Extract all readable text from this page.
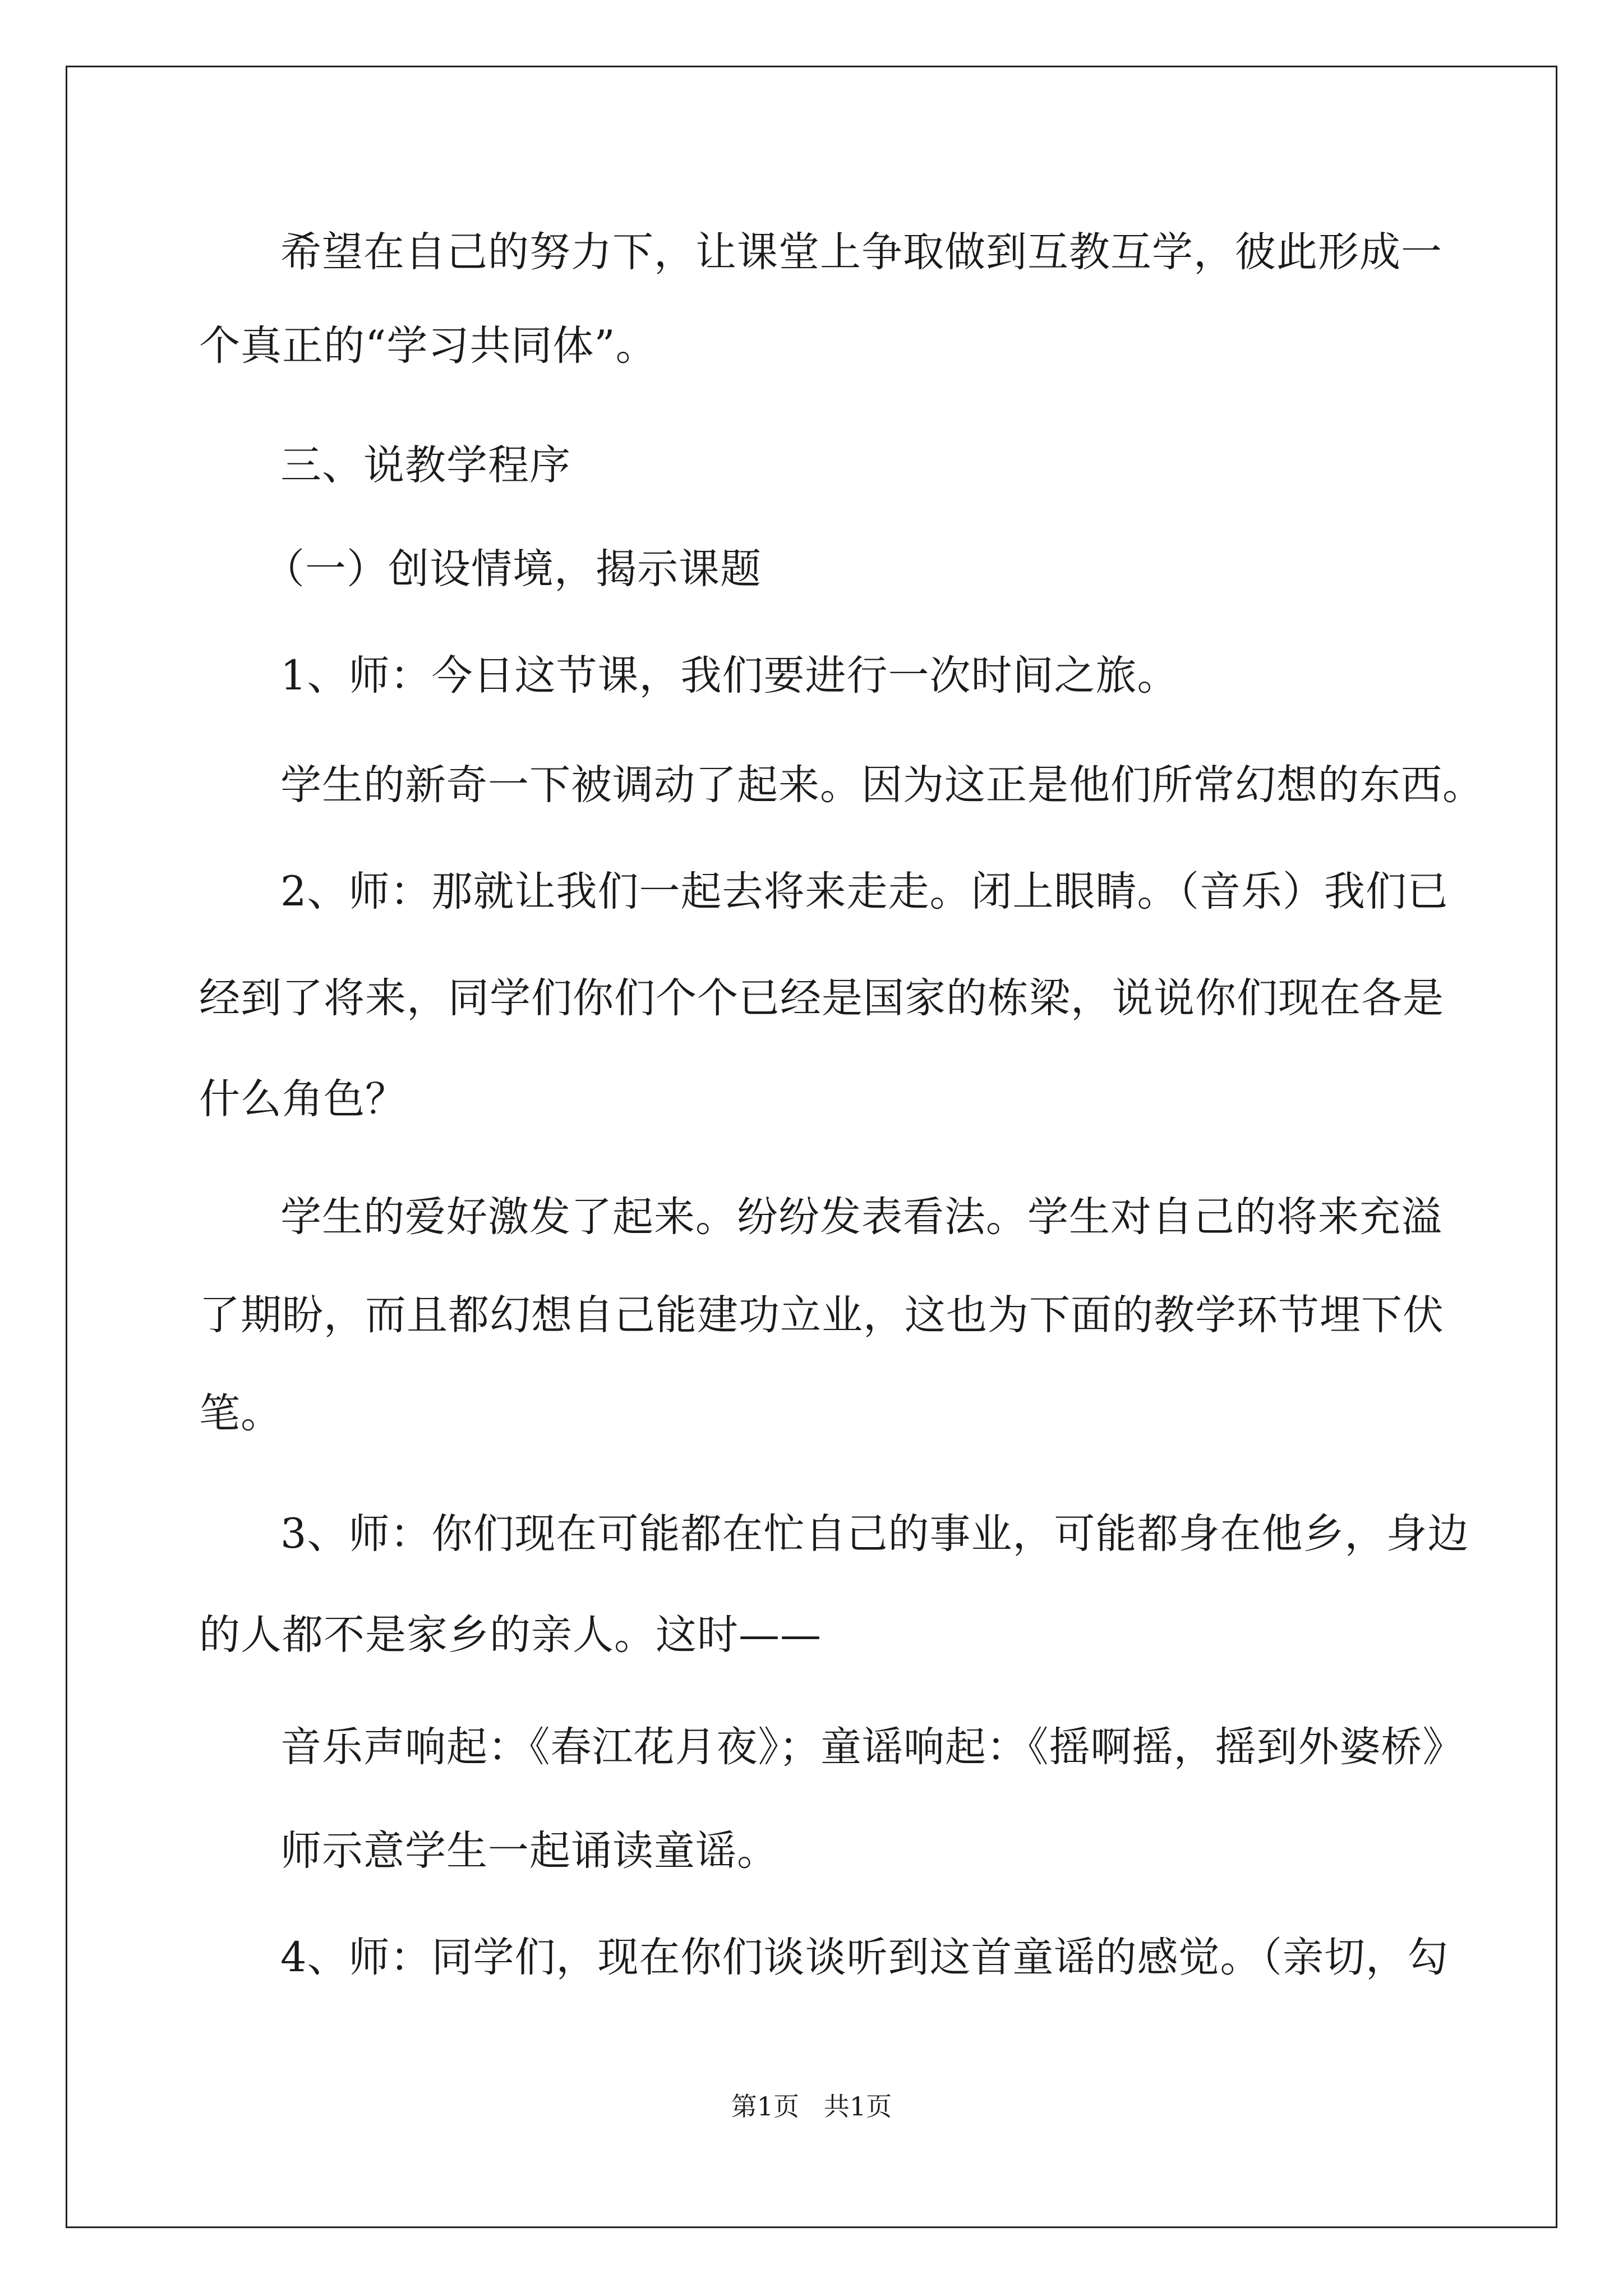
希望在自己的努力下，让课堂上争取做到互教互学，彼此形成一
个真正的“学习共同体”。
三、说教学程序
（一）创设情境，揭示课题
1、师：今日这节课，我们要进行一次时间之旅。
学生的新奇一下被调动了起来。因为这正是他们所常幻想的东西。
2、师：那就让我们一起去将来走走。闭上眼睛。（音乐）我们已
经到了将来，同学们你们个个已经是国家的栋梁，说说你们现在各是
什么角色？
学生的爱好激发了起来。纷纷发表看法。学生对自己的将来充溢
了期盼，而且都幻想自己能建功立业，这也为下面的教学环节埋下伏
笔。
3、师：你们现在可能都在忙自己的事业，可能都身在他乡，身边
的人都不是家乡的亲人。这时——
音乐声响起：《春江花月夜》；童谣响起：《摇啊摇，摇到外婆桥》
师示意学生一起诵读童谣。
4、师：同学们，现在你们谈谈听到这首童谣的感觉。（亲切，勾
第1页   共1页
